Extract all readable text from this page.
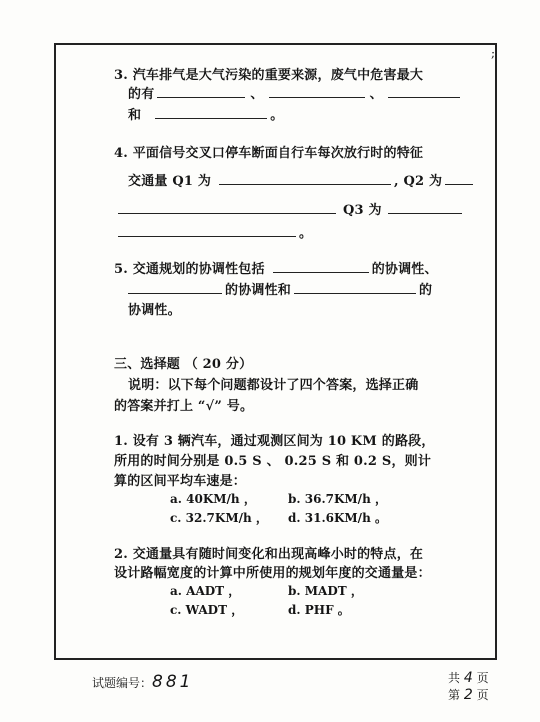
;
3. 汽车排气是大气污染的重要来源，废气中危害最大
的有	、	、
和	。
4. 平面信号交叉口停车断面自行车每次放行时的特征
交通量 Q1 为	, Q2 为
Q3 为
。
5. 交通规划的协调性包括	的协调性、
的协调性和	的
协调性。
三、选择题 （ 20 分）
说明：以下每个问题都设计了四个答案，选择正确
的答案并打上 “√” 号。
1. 设有 3 辆汽车，通过观测区间为 10 KM 的路段，
所用的时间分别是 0.5 S 、 0.25 S 和 0.2 S，则计
算的区间平均车速是：
a. 40KM/h ，	b. 36.7KM/h ，
c. 32.7KM/h ， d. 31.6KM/h 。
2. 交通量具有随时间变化和出现高峰小时的特点，在
设计路幅宽度的计算中所使用的规划年度的交通量是：
a. AADT ，	b. MADT ，
c. WADT ，	d. PHF 。
试题编号：881	共 4 页
第 2 页
